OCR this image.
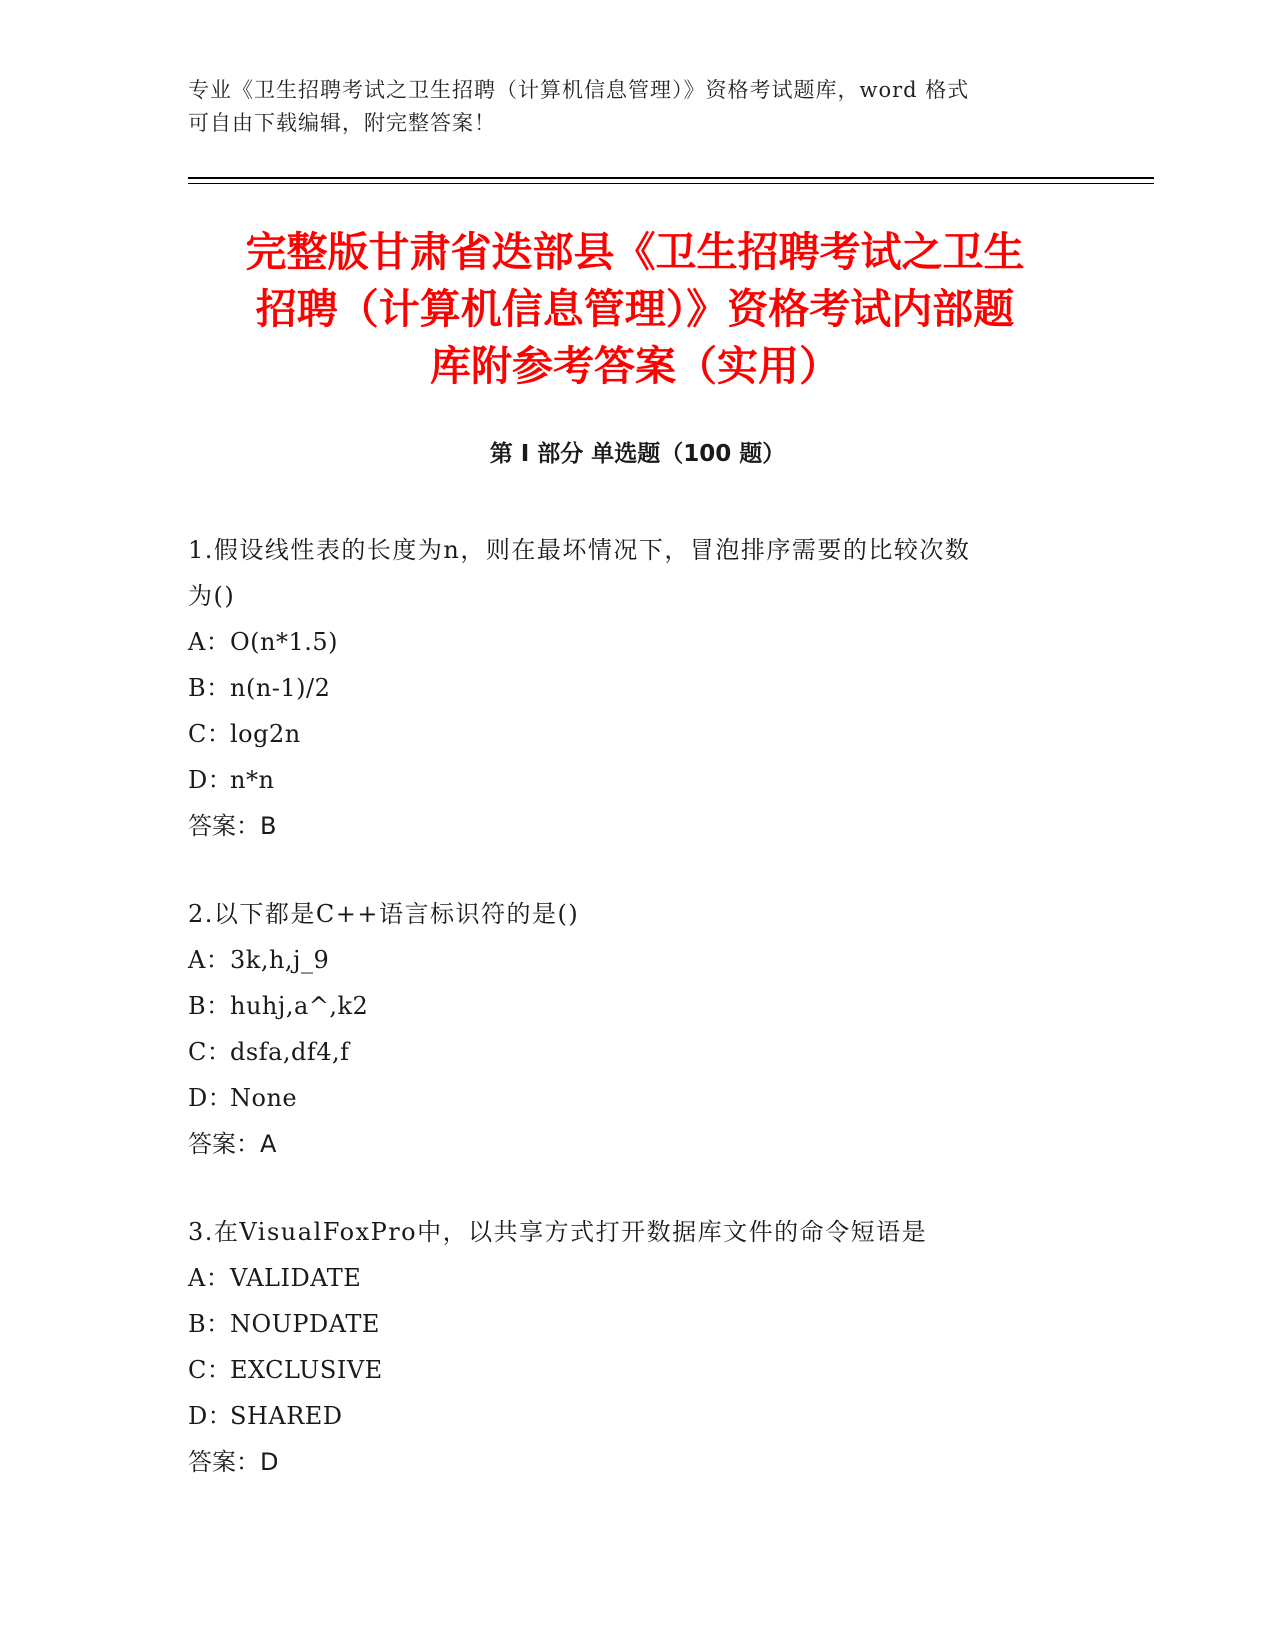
专业《卫生招聘考试之卫生招聘（计算机信息管理）》资格考试题库，word 格式
可自由下载编辑，附完整答案！
完整版甘肃省迭部县《卫生招聘考试之卫生
招聘（计算机信息管理）》资格考试内部题
库附参考答案（实用）
第 I 部分 单选题（100 题）
1.假设线性表的长度为n，则在最坏情况下，冒泡排序需要的比较次数
为()
A：O(n*1.5)
B：n(n-1)/2
C：log2n
D：n*n
答案：B
2.以下都是C++语言标识符的是()
A：3k,h,j_9
B：huhj,a^,k2
C：dsfa,df4,f
D：None
答案：A
3.在VisualFoxPro中，以共享方式打开数据库文件的命令短语是
A：VALIDATE
B：NOUPDATE
C：EXCLUSIVE
D：SHARED
答案：D
